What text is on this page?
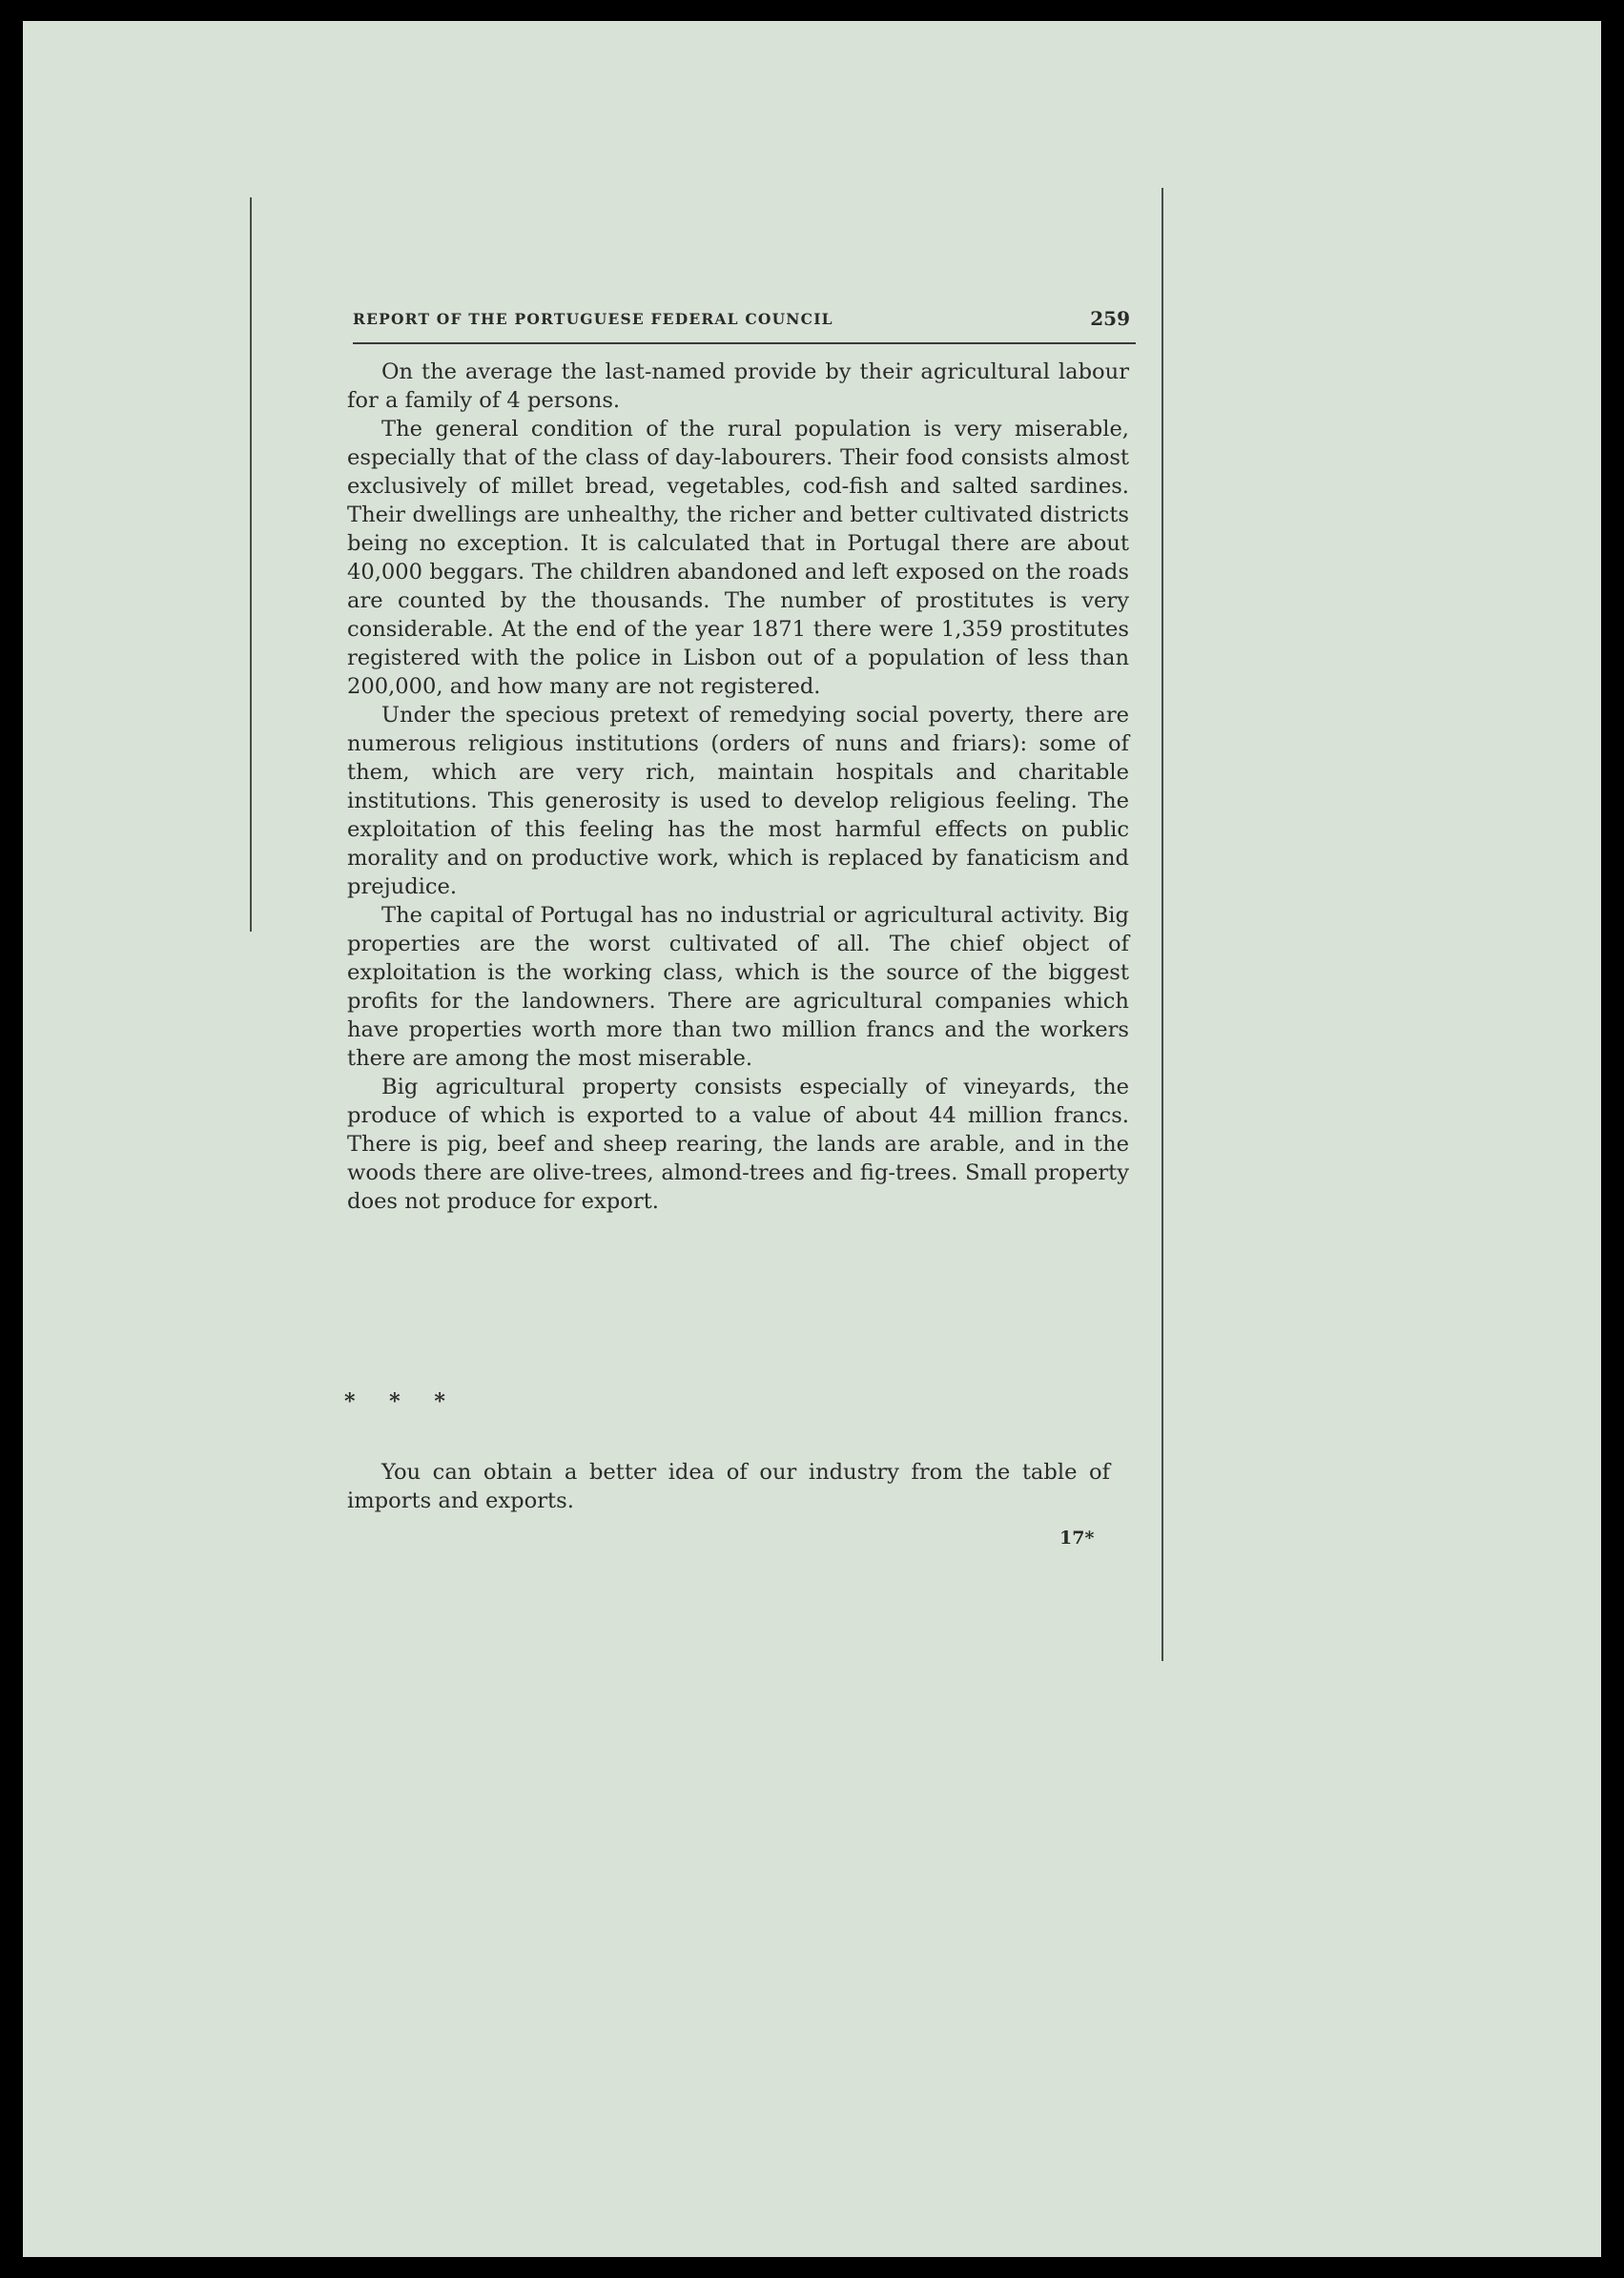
REPORT OF THE PORTUGUESE FEDERAL COUNCIL	259

On the average the last-named provide by their agricultural labour for a family of 4 persons.

The general condition of the rural population is very miserable, especially that of the class of day-labourers. Their food consists almost exclusively of millet bread, vegetables, cod-fish and salted sardines. Their dwellings are unhealthy, the richer and better cultivated districts being no exception. It is calculated that in Portugal there are about 40,000 beggars. The children abandoned and left exposed on the roads are counted by the thousands. The number of prostitutes is very considerable. At the end of the year 1871 there were 1,359 prostitutes registered with the police in Lisbon out of a population of less than 200,000, and how many are not registered.

Under the specious pretext of remedying social poverty, there are numerous religious institutions (orders of nuns and friars): some of them, which are very rich, maintain hospitals and charitable institutions. This generosity is used to develop religious feeling. The exploitation of this feeling has the most harmful effects on public morality and on productive work, which is replaced by fanaticism and prejudice.

The capital of Portugal has no industrial or agricultural activity. Big properties are the worst cultivated of all. The chief object of exploitation is the working class, which is the source of the biggest profits for the landowners. There are agricultural companies which have properties worth more than two million francs and the workers there are among the most miserable.

Big agricultural property consists especially of vineyards, the produce of which is exported to a value of about 44 million francs. There is pig, beef and sheep rearing, the lands are arable, and in the woods there are olive-trees, almond-trees and fig-trees. Small property does not produce for export.

* * *

You can obtain a better idea of our industry from the table of imports and exports.

17*
